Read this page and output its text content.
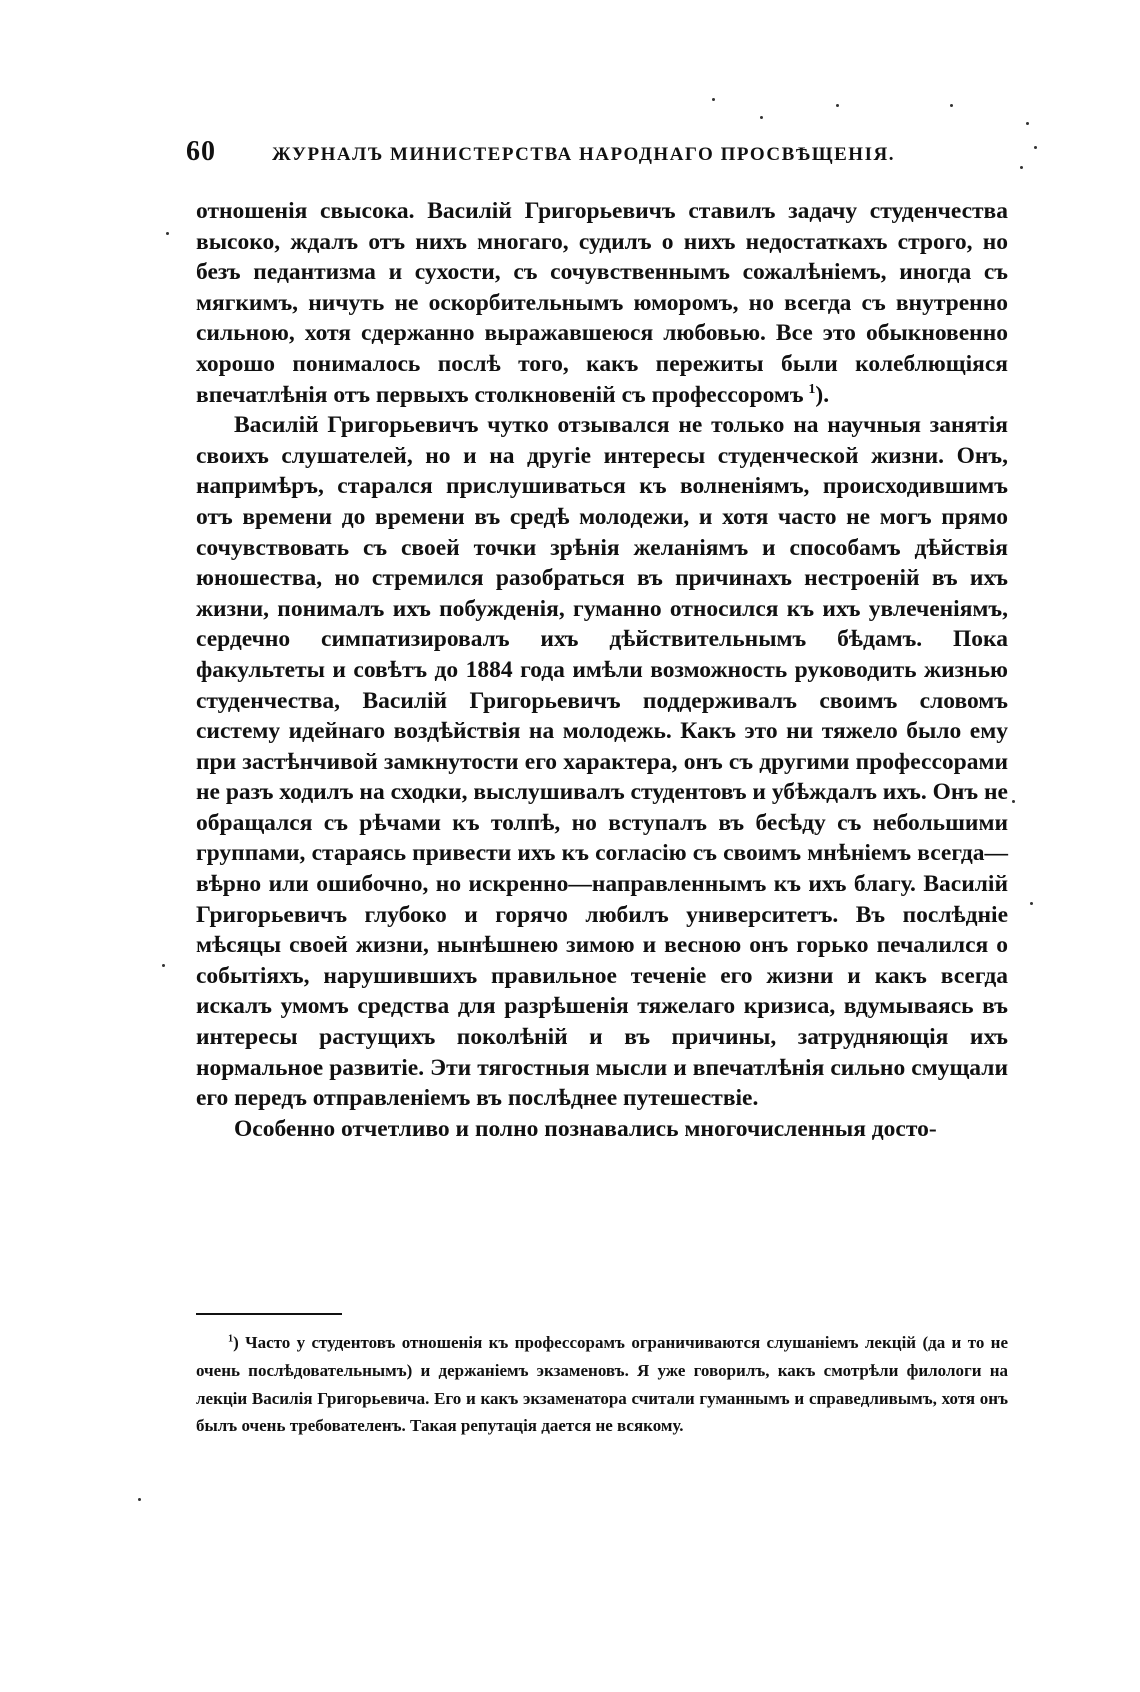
60	ЖУРНАЛЪ МИНИСТЕРСТВА НАРОДНАГО ПРОСВѢЩЕНІЯ.

отношенія свысока. Василій Григорьевичъ ставилъ задачу студенчества высоко, ждалъ отъ нихъ многаго, судилъ о нихъ недостаткахъ строго, но безъ педантизма и сухости, съ сочувственнымъ сожалѣніемъ, иногда съ мягкимъ, ничуть не оскорбительнымъ юморомъ, но всегда съ внутренно сильною, хотя сдержанно выражавшеюся любовью. Все это обыкновенно хорошо понималось послѣ того, какъ пережиты были колеблющіяся впечатлѣнія отъ первыхъ столкновеній съ профессоромъ  $^1$).

Василій Григорьевичъ чутко отзывался не только на научныя занятія своихъ слушателей, но и на другіе интересы студенческой жизни. Онъ, напримѣръ, старался прислушиваться къ волненіямъ, происходившимъ отъ времени до времени въ средѣ молодежи, и хотя часто не могъ прямо сочувствовать съ своей точки зрѣнія желаніямъ и способамъ дѣйствія юношества, но стремился разобраться въ причинахъ нестроеній въ ихъ жизни, понималъ ихъ побужденія, гуманно относился къ ихъ увлеченіямъ, сердечно симпатизировалъ ихъ дѣйствительнымъ бѣдамъ. Пока факультеты и совѣтъ до 1884 года имѣли возможность руководить жизнью студенчества, Василій Григорьевичъ поддерживалъ своимъ словомъ систему идейнаго воздѣйствія на молодежь. Какъ это ни тяжело было ему при застѣнчивой замкнутости его характера, онъ съ другими профессорами не разъ ходилъ на сходки, выслушивалъ студентовъ и убѣждалъ ихъ. Онъ не обращался съ рѣчами къ толпѣ, но вступалъ въ бесѣду съ небольшими группами, стараясь привести ихъ къ согласію съ своимъ мнѣніемъ всегда—вѣрно или ошибочно, но искренно—направленнымъ къ ихъ благу. Василій Григорьевичъ глубоко и горячо любилъ университетъ. Въ послѣдніе мѣсяцы своей жизни, нынѣшнею зимою и весною онъ горько печалился о событіяхъ, нарушившихъ правильное теченіе его жизни и какъ всегда искалъ умомъ средства для разрѣшенія тяжелаго кризиса, вдумываясь въ интересы растущихъ поколѣній и въ причины, затрудняющія ихъ нормальное развитіе. Эти тягостныя мысли и впечатлѣнія сильно смущали его передъ отправленіемъ въ послѣднее путешествіе.

Особенно отчетливо и полно познавались многочисленныя досто-

$^1$) Часто у студентовъ отношенія къ профессорамъ ограничиваются слушаніемъ лекцій (да и то не очень послѣдовательнымъ) и держаніемъ экзаменовъ. Я уже говорилъ, какъ смотрѣли филологи на лекціи Василія Григорьевича. Его и какъ экзаменатора считали гуманнымъ и справедливымъ, хотя онъ былъ очень требователенъ. Такая репутація дается не всякому.
